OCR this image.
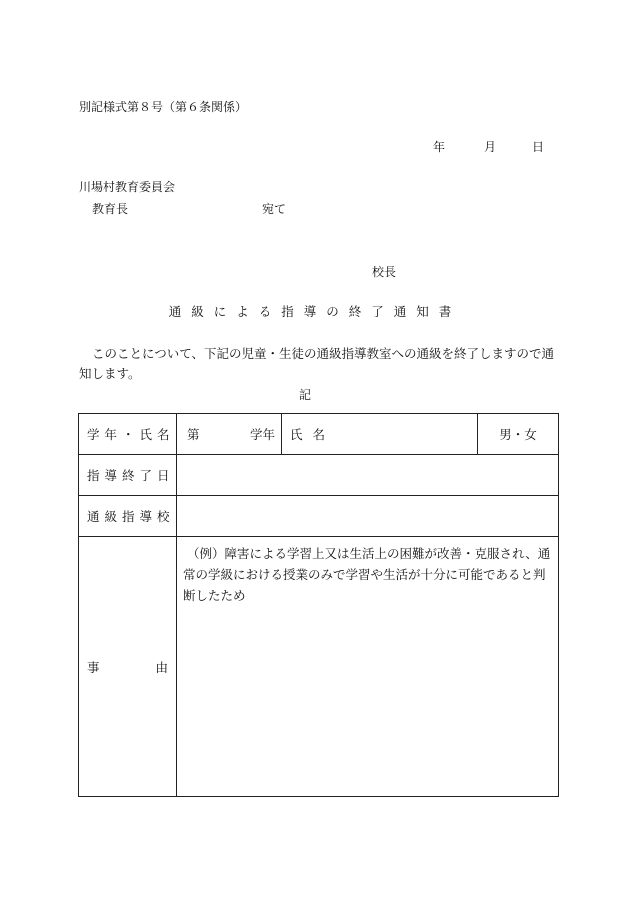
別記様式第８号（第６条関係）
年	月	日
川場村教育委員会
教育長	宛て
校長
通級による指導の終了通知書
このことについて、下記の児童・生徒の通級指導教室への通級を終了しますので通知します。
記
学年・氏名	第 学年	氏名	男・女
指導終了日			
通級指導校			

事 由	（例）障害による学習上又は生活上の困難が改善・克服され、通常の学級における授業のみで学習や生活が十分に可能であると判断したため		
